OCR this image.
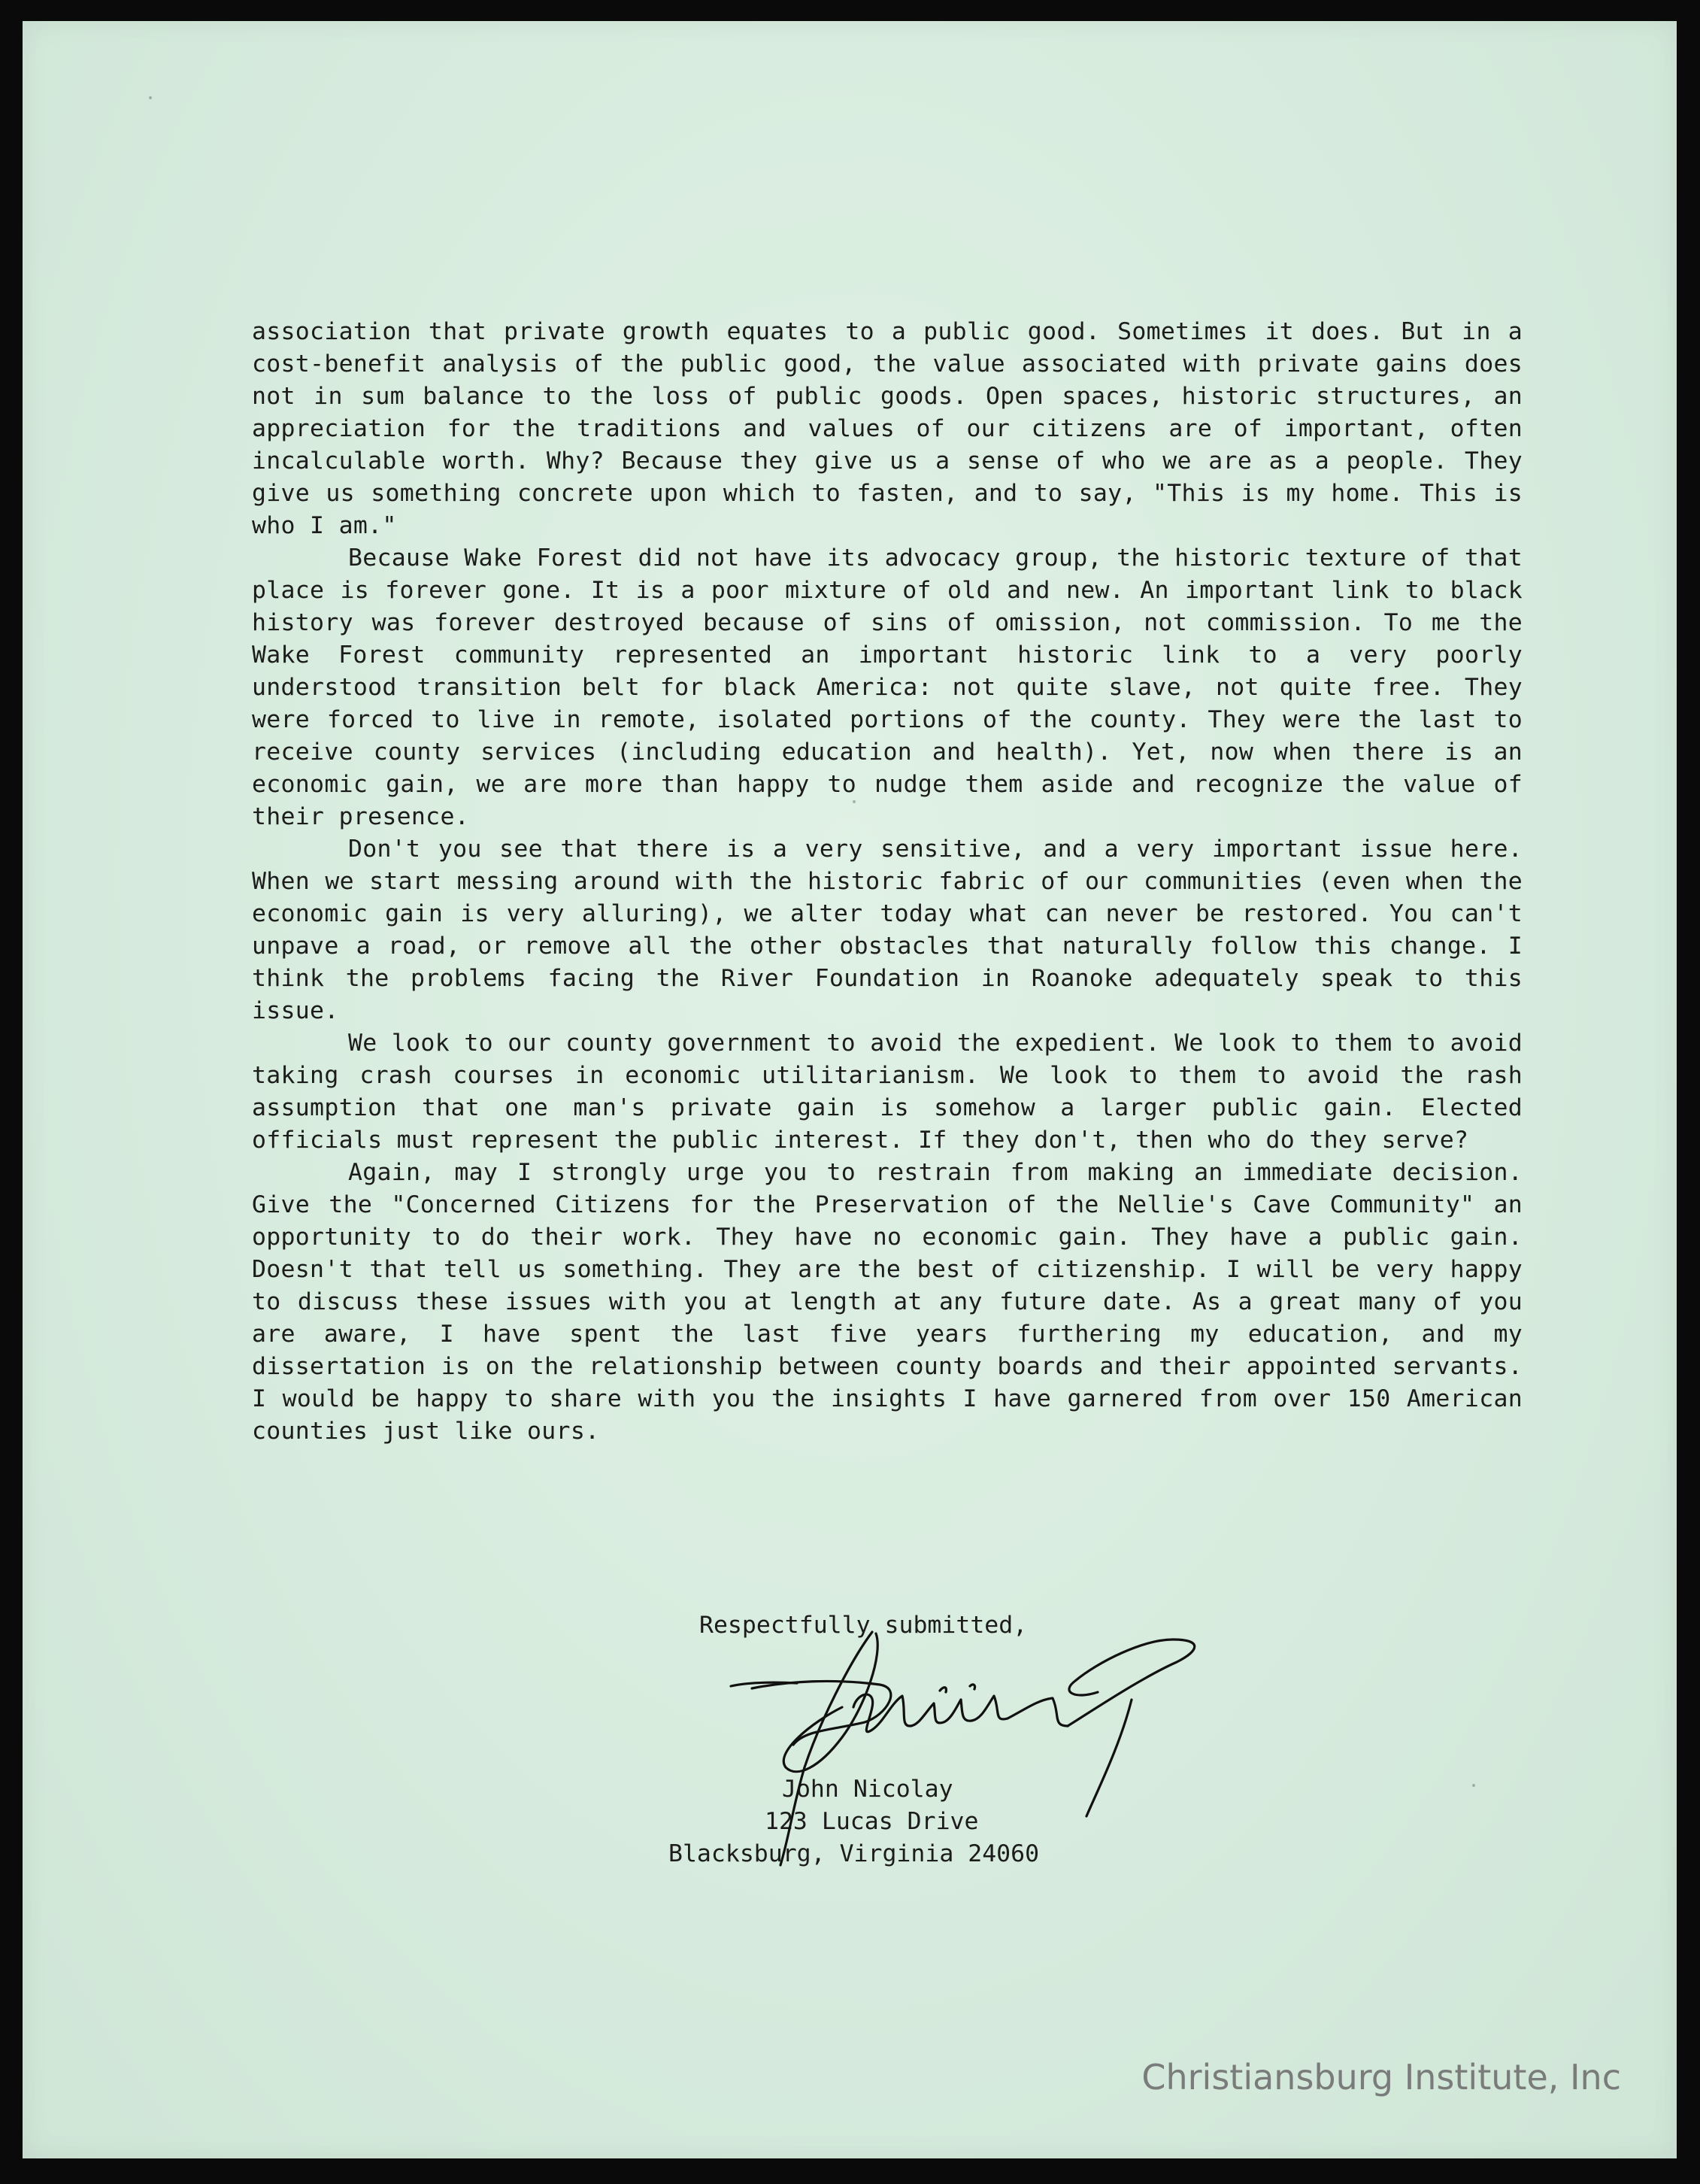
association that private growth equates to a public good. Sometimes it does. But in a cost-benefit analysis of the public good, the value associated with private gains does not in sum balance to the loss of public goods. Open spaces, historic structures, an appreciation for the traditions and values of our citizens are of important, often incalculable worth. Why? Because they give us a sense of who we are as a people. They give us something concrete upon which to fasten, and to say, "This is my home. This is who I am."

Because Wake Forest did not have its advocacy group, the historic texture of that place is forever gone. It is a poor mixture of old and new. An important link to black history was forever destroyed because of sins of omission, not commission. To me the Wake Forest community represented an important historic link to a very poorly understood transition belt for black America: not quite slave, not quite free. They were forced to live in remote, isolated portions of the county. They were the last to receive county services (including education and health). Yet, now when there is an economic gain, we are more than happy to nudge them aside and recognize the value of their presence.

Don't you see that there is a very sensitive, and a very important issue here. When we start messing around with the historic fabric of our communities (even when the economic gain is very alluring), we alter today what can never be restored. You can't unpave a road, or remove all the other obstacles that naturally follow this change. I think the problems facing the River Foundation in Roanoke adequately speak to this issue.

We look to our county government to avoid the expedient. We look to them to avoid taking crash courses in economic utilitarianism. We look to them to avoid the rash assumption that one man's private gain is somehow a larger public gain. Elected officials must represent the public interest. If they don't, then who do they serve?

Again, may I strongly urge you to restrain from making an immediate decision. Give the "Concerned Citizens for the Preservation of the Nellie's Cave Community" an opportunity to do their work. They have no economic gain. They have a public gain. Doesn't that tell us something. They are the best of citizenship. I will be very happy to discuss these issues with you at length at any future date. As a great many of you are aware, I have spent the last five years furthering my education, and my dissertation is on the relationship between county boards and their appointed servants. I would be happy to share with you the insights I have garnered from over 150 American counties just like ours.

Respectfully submitted,
John Nicolay
123 Lucas Drive
Blacksburg, Virginia 24060
Christiansburg Institute, Inc
